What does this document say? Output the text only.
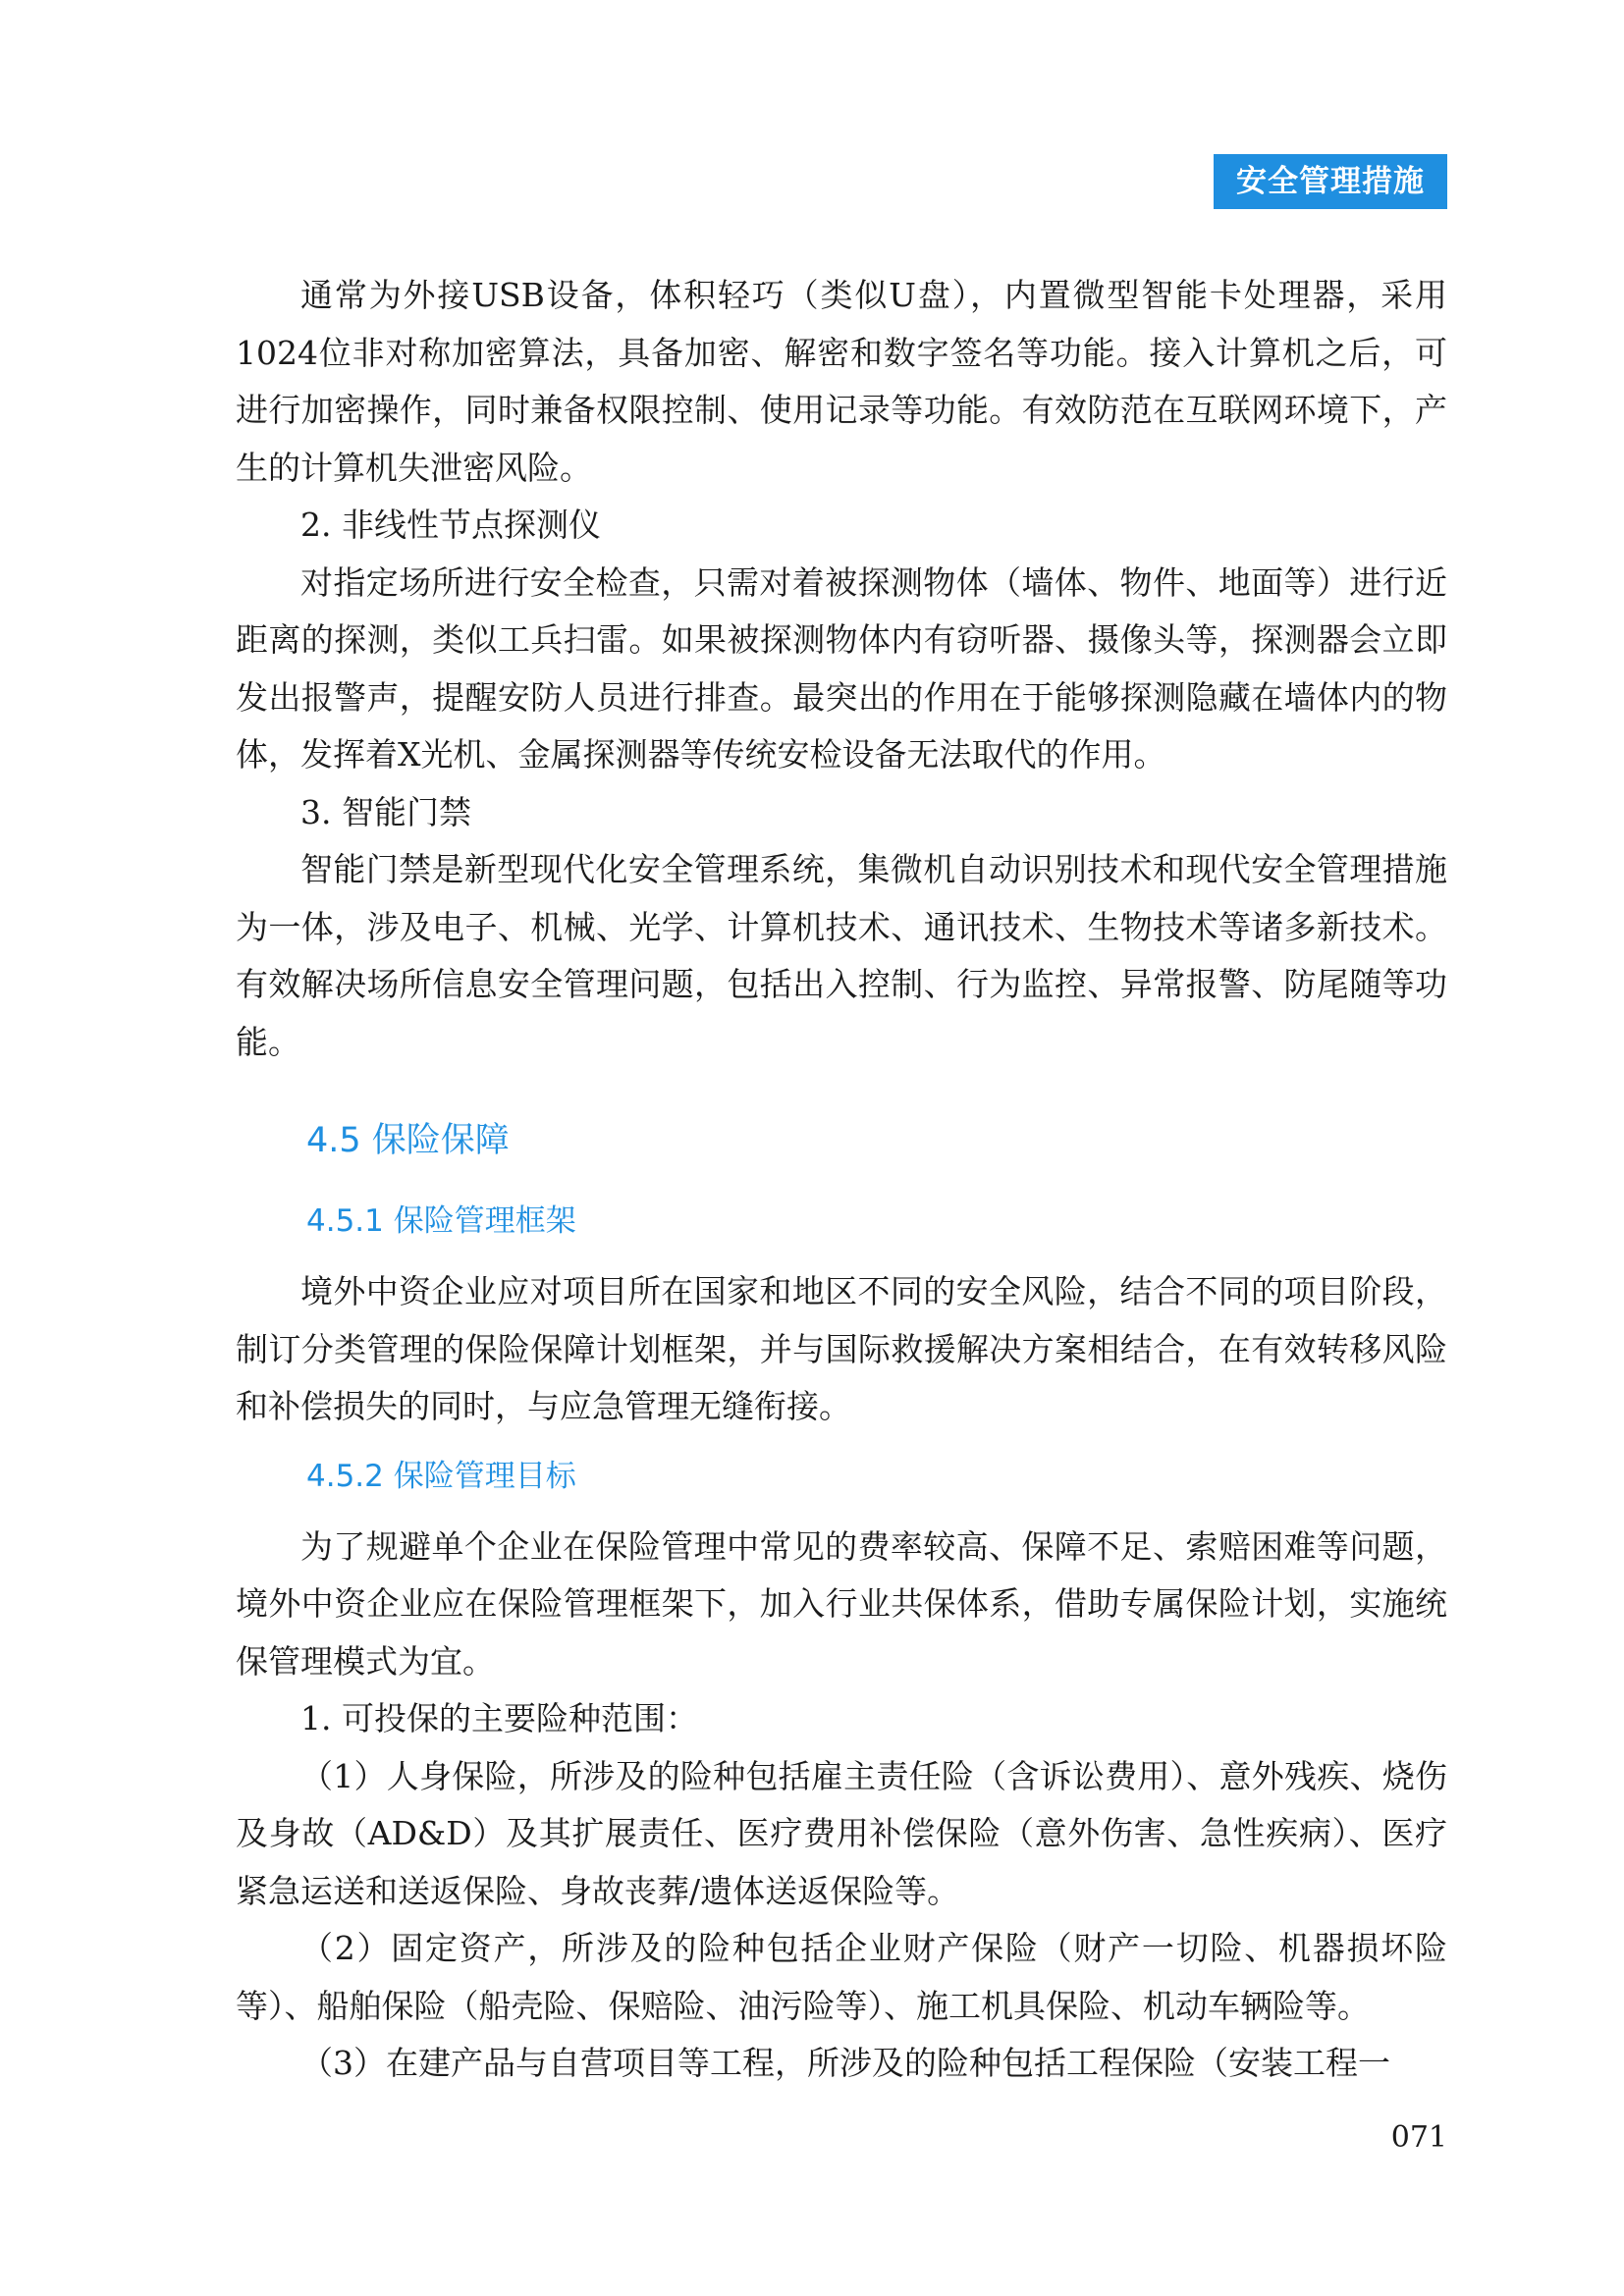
安全管理措施

通常为外接USB设备，体积轻巧（类似U盘），内置微型智能卡处理器，采用1024位非对称加密算法，具备加密、解密和数字签名等功能。接入计算机之后，可进行加密操作，同时兼备权限控制、使用记录等功能。有效防范在互联网环境下，产生的计算机失泄密风险。

2. 非线性节点探测仪

对指定场所进行安全检查，只需对着被探测物体（墙体、物件、地面等）进行近距离的探测，类似工兵扫雷。如果被探测物体内有窃听器、摄像头等，探测器会立即发出报警声，提醒安防人员进行排查。最突出的作用在于能够探测隐藏在墙体内的物体，发挥着X光机、金属探测器等传统安检设备无法取代的作用。

3. 智能门禁

智能门禁是新型现代化安全管理系统，集微机自动识别技术和现代安全管理措施为一体，涉及电子、机械、光学、计算机技术、通讯技术、生物技术等诸多新技术。有效解决场所信息安全管理问题，包括出入控制、行为监控、异常报警、防尾随等功能。

4.5 保险保障
4.5.1 保险管理框架

境外中资企业应对项目所在国家和地区不同的安全风险，结合不同的项目阶段，制订分类管理的保险保障计划框架，并与国际救援解决方案相结合，在有效转移风险和补偿损失的同时，与应急管理无缝衔接。

4.5.2 保险管理目标

为了规避单个企业在保险管理中常见的费率较高、保障不足、索赔困难等问题，境外中资企业应在保险管理框架下，加入行业共保体系，借助专属保险计划，实施统保管理模式为宜。

1. 可投保的主要险种范围：

（1）人身保险，所涉及的险种包括雇主责任险（含诉讼费用）、意外残疾、烧伤及身故（AD&D）及其扩展责任、医疗费用补偿保险（意外伤害、急性疾病）、医疗紧急运送和送返保险、身故丧葬/遗体送返保险等。

（2）固定资产，所涉及的险种包括企业财产保险（财产一切险、机器损坏险等）、船舶保险（船壳险、保赔险、油污险等）、施工机具保险、机动车辆险等。

（3）在建产品与自营项目等工程，所涉及的险种包括工程保险（安装工程一

071
